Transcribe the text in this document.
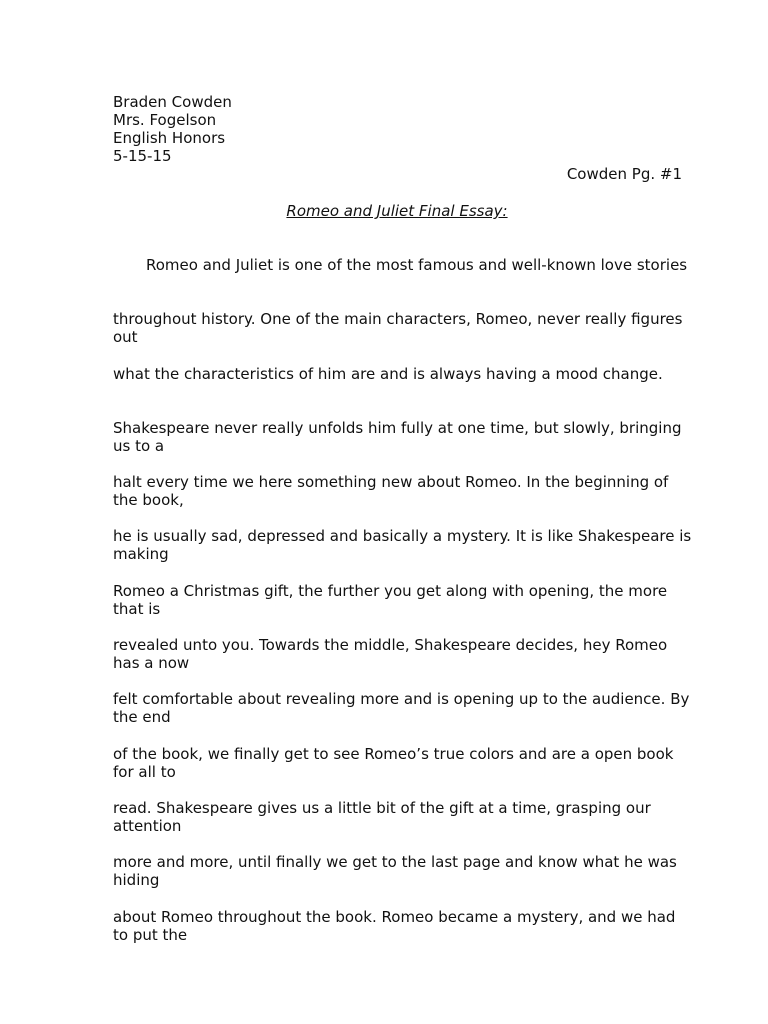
Braden Cowden
Mrs. Fogelson
English Honors
5-15-15
Cowden Pg. #1
Romeo and Juliet Final Essay:

Romeo and Juliet is one of the most famous and well-known love stories

throughout history. One of the main characters, Romeo, never really figures out

what the characteristics of him are and is always having a mood change.

Shakespeare never really unfolds him fully at one time, but slowly, bringing us to a

halt every time we here something new about Romeo. In the beginning of the book,

he is usually sad, depressed and basically a mystery. It is like Shakespeare is making

Romeo a Christmas gift, the further you get along with opening, the more that is

revealed unto you. Towards the middle, Shakespeare decides, hey Romeo has a now

felt comfortable about revealing more and is opening up to the audience. By the end

of the book, we finally get to see Romeo’s true colors and are a open book for all to

read. Shakespeare gives us a little bit of the gift at a time, grasping our attention

more and more, until finally we get to the last page and know what he was hiding

about Romeo throughout the book. Romeo became a mystery, and we had to put the
